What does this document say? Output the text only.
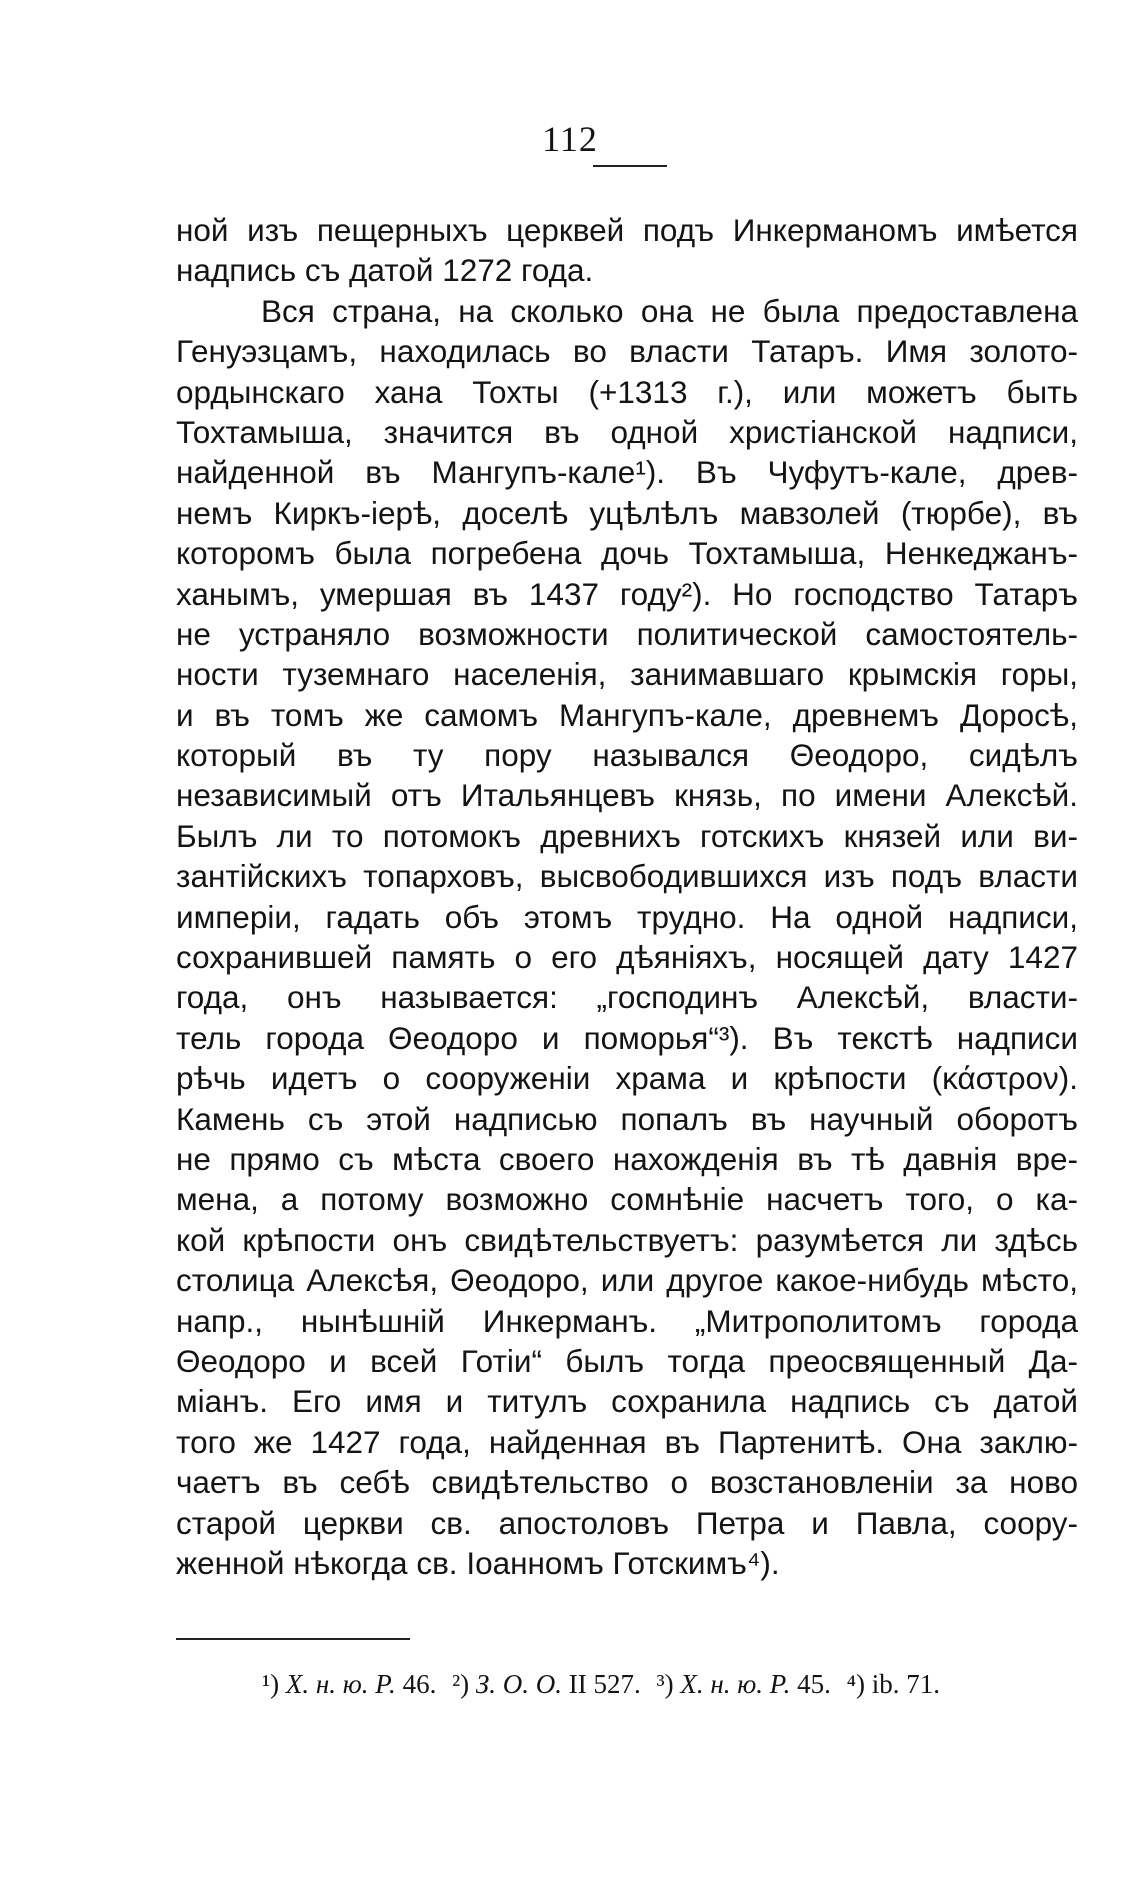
112
ной изъ пещерныхъ церквей подъ Инкерманомъ имѣется
надпись съ датой 1272 года.
Вся страна, на сколько она не была предоставлена
Генуэзцамъ, находилась во власти Татаръ. Имя золото-
ордынскаго хана Тохты (+1313 г.), или можетъ быть
Тохтамыша, значится въ одной христіанской надписи,
найденной въ Мангупъ-кале¹). Въ Чуфутъ-кале, древ-
немъ Киркъ-іерѣ, доселѣ уцѣлѣлъ мавзолей (тюрбе), въ
которомъ была погребена дочь Тохтамыша, Ненкеджанъ-
ханымъ, умершая въ 1437 году²). Но господство Татаръ
не устраняло возможности политической самостоятель-
ности туземнаго населенія, занимавшаго крымскія горы,
и въ томъ же самомъ Мангупъ-кале, древнемъ Доросѣ,
который въ ту пору назывался Θеодоро, сидѣлъ
независимый отъ Итальянцевъ князь, по имени Алексѣй.
Былъ ли то потомокъ древнихъ готскихъ князей или ви-
зантійскихъ топарховъ, высвободившихся изъ подъ власти
имперіи, гадать объ этомъ трудно. На одной надписи,
сохранившей память о его дѣяніяхъ, носящей дату 1427
года, онъ называется: „господинъ Алексѣй, власти-
тель города Θеодоро и поморья“³). Въ текстѣ надписи
рѣчь идетъ о сооруженіи храма и крѣпости (κάστρον).
Камень съ этой надписью попалъ въ научный оборотъ
не прямо съ мѣста своего нахожденія въ тѣ давнія вре-
мена, а потому возможно сомнѣніе насчетъ того, о ка-
кой крѣпости онъ свидѣтельствуетъ: разумѣется ли здѣсь
столица Алексѣя, Θеодоро, или другое какое-нибудь мѣсто,
напр., нынѣшній Инкерманъ. „Митрополитомъ города
Θеодоро и всей Готіи“ былъ тогда преосвященный Да-
міанъ. Его имя и титулъ сохранила надпись съ датой
того же 1427 года, найденная въ Партенитѣ. Она заклю-
чаетъ въ себѣ свидѣтельство о возстановленіи за ново
старой церкви св. апостоловъ Петра и Павла, соору-
женной нѣкогда св. Іоанномъ Готскимъ⁴).
¹) Х. н. ю. Р. 46. ²) З. О. О. II 527. ³) Х. н. ю. Р. 45. ⁴) ib. 71.
